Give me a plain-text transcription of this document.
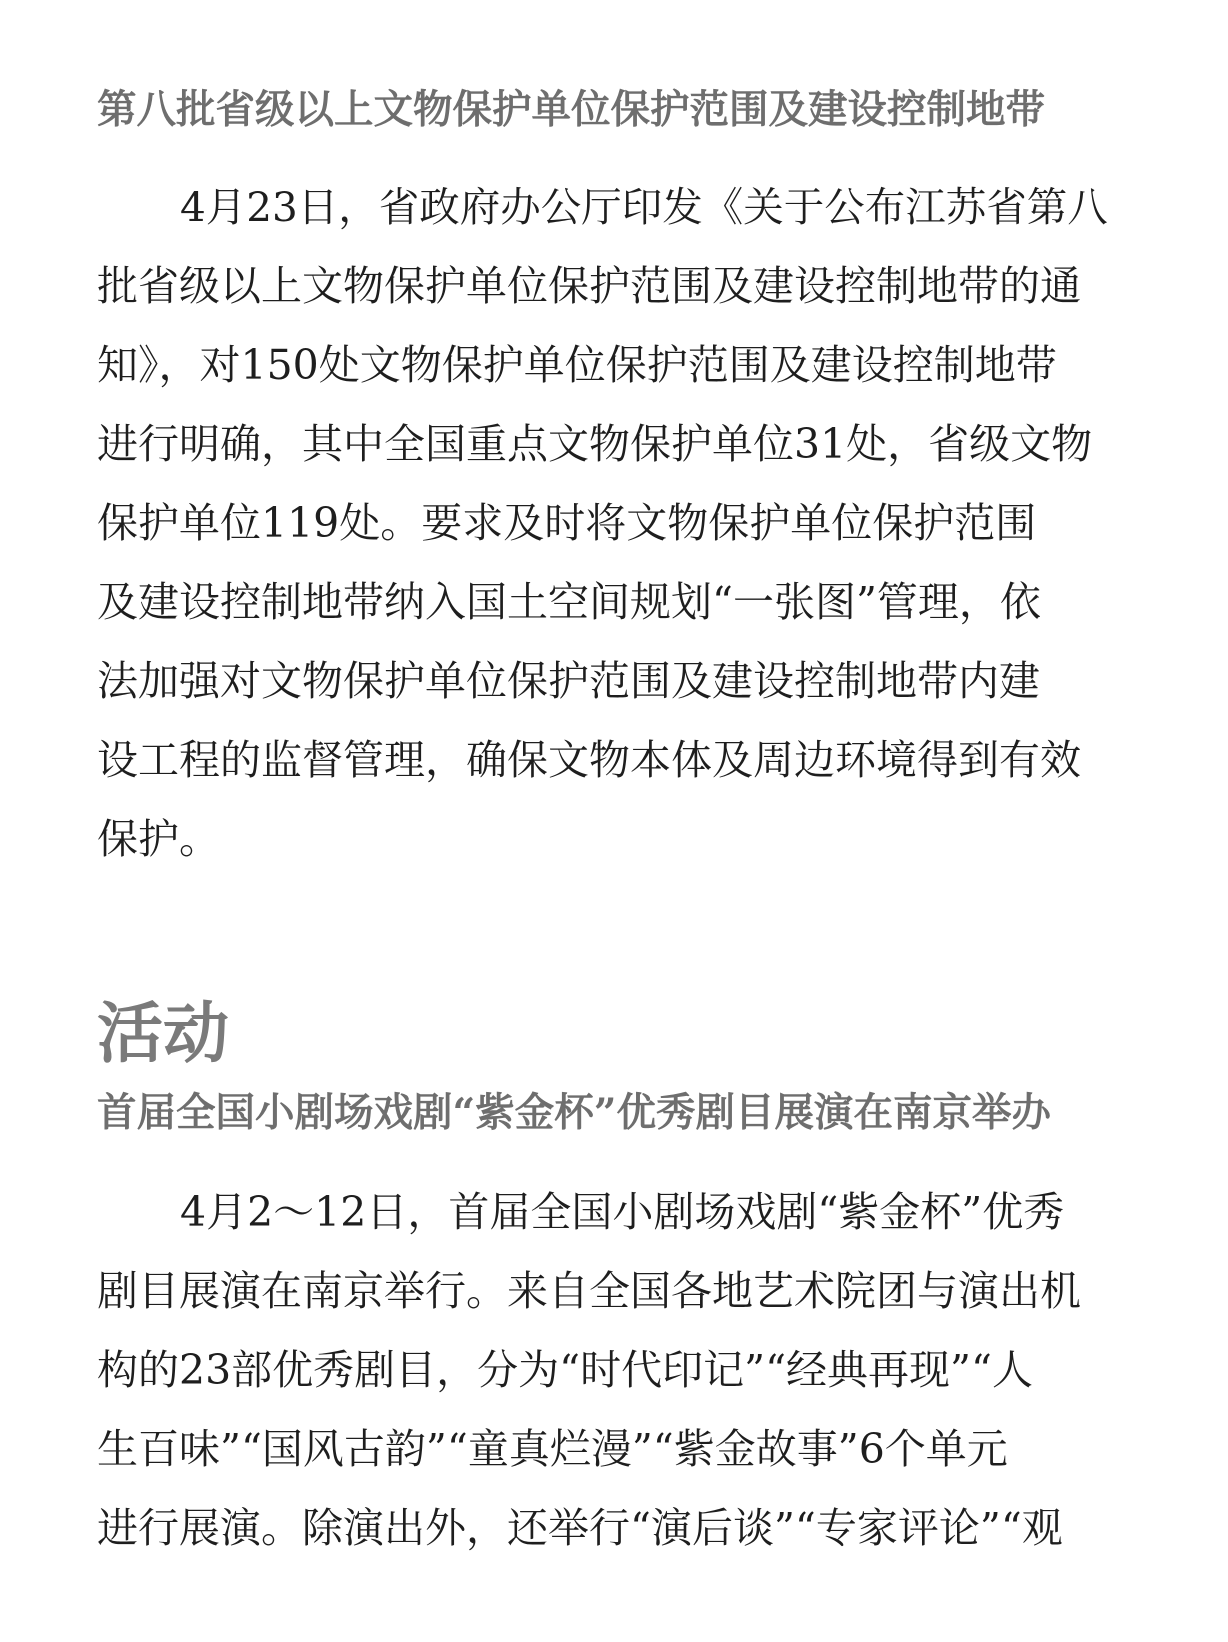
第八批省级以上文物保护单位保护范围及建设控制地带
4月23日，省政府办公厅印发《关于公布江苏省第八
批省级以上文物保护单位保护范围及建设控制地带的通
知》，对150处文物保护单位保护范围及建设控制地带
进行明确，其中全国重点文物保护单位31处，省级文物
保护单位119处。要求及时将文物保护单位保护范围
及建设控制地带纳入国土空间规划“一张图”管理，依
法加强对文物保护单位保护范围及建设控制地带内建
设工程的监督管理，确保文物本体及周边环境得到有效
保护。
活动
首届全国小剧场戏剧“紫金杯”优秀剧目展演在南京举办
4月2～12日，首届全国小剧场戏剧“紫金杯”优秀
剧目展演在南京举行。来自全国各地艺术院团与演出机
构的23部优秀剧目，分为“时代印记”“经典再现”“人
生百味”“国风古韵”“童真烂漫”“紫金故事”6个单元
进行展演。除演出外，还举行“演后谈”“专家评论”“观
